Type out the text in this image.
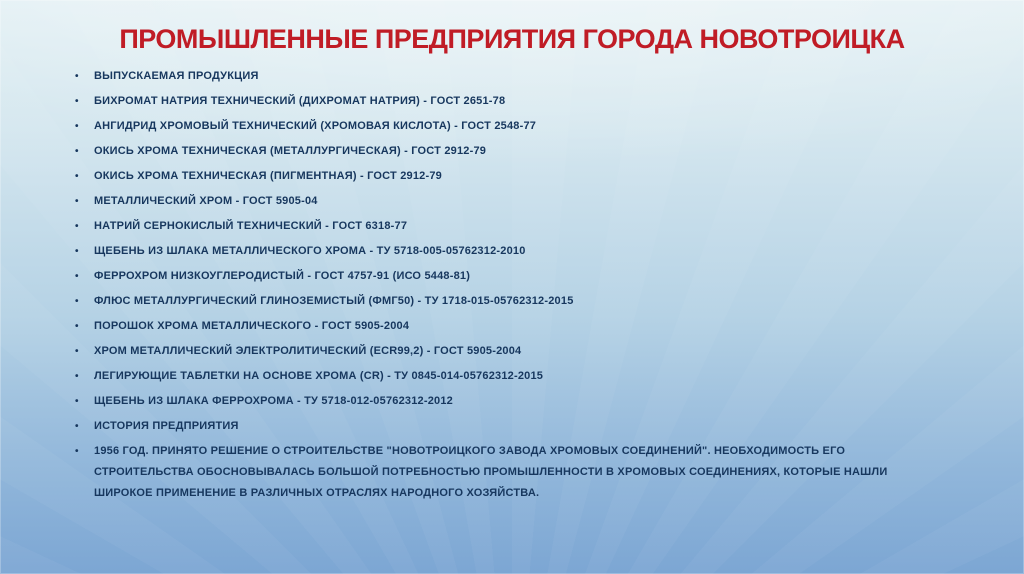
ПРОМЫШЛЕННЫЕ ПРЕДПРИЯТИЯ ГОРОДА НОВОТРОИЦКА
•	ВЫПУСКАЕМАЯ ПРОДУКЦИЯ
•	БИХРОМАТ НАТРИЯ ТЕХНИЧЕСКИЙ (ДИХРОМАТ НАТРИЯ) - ГОСТ 2651-78
•	АНГИДРИД ХРОМОВЫЙ ТЕХНИЧЕСКИЙ (ХРОМОВАЯ КИСЛОТА) - ГОСТ 2548-77
•	ОКИСЬ ХРОМА ТЕХНИЧЕСКАЯ (МЕТАЛЛУРГИЧЕСКАЯ) - ГОСТ 2912-79
•	ОКИСЬ ХРОМА ТЕХНИЧЕСКАЯ (ПИГМЕНТНАЯ) - ГОСТ 2912-79
•	МЕТАЛЛИЧЕСКИЙ ХРОМ - ГОСТ 5905-04
•	НАТРИЙ СЕРНОКИСЛЫЙ ТЕХНИЧЕСКИЙ - ГОСТ 6318-77
•	ЩЕБЕНЬ ИЗ ШЛАКА МЕТАЛЛИЧЕСКОГО ХРОМА - ТУ 5718-005-05762312-2010
•	ФЕРРОХРОМ НИЗКОУГЛЕРОДИСТЫЙ - ГОСТ 4757-91 (ИСО 5448-81)
•	ФЛЮС МЕТАЛЛУРГИЧЕСКИЙ ГЛИНОЗЕМИСТЫЙ (ФМГ50) - ТУ 1718-015-05762312-2015
•	ПОРОШОК ХРОМА МЕТАЛЛИЧЕСКОГО - ГОСТ 5905-2004
•	ХРОМ МЕТАЛЛИЧЕСКИЙ ЭЛЕКТРОЛИТИЧЕСКИЙ (ECR99,2) - ГОСТ 5905-2004
•	ЛЕГИРУЮЩИЕ ТАБЛЕТКИ НА ОСНОВЕ ХРОМА (CR) - ТУ 0845-014-05762312-2015
•	ЩЕБЕНЬ ИЗ ШЛАКА ФЕРРОХРОМА - ТУ 5718-012-05762312-2012
•	ИСТОРИЯ ПРЕДПРИЯТИЯ
•	1956 ГОД. ПРИНЯТО РЕШЕНИЕ О СТРОИТЕЛЬСТВЕ "НОВОТРОИЦКОГО ЗАВОДА ХРОМОВЫХ СОЕДИНЕНИЙ". НЕОБХОДИМОСТЬ ЕГО СТРОИТЕЛЬСТВА ОБОСНОВЫВАЛАСЬ БОЛЬШОЙ ПОТРЕБНОСТЬЮ ПРОМЫШЛЕННОСТИ В ХРОМОВЫХ СОЕДИНЕНИЯХ, КОТОРЫЕ НАШЛИ ШИРОКОЕ ПРИМЕНЕНИЕ В РАЗЛИЧНЫХ ОТРАСЛЯХ НАРОДНОГО ХОЗЯЙСТВА.
